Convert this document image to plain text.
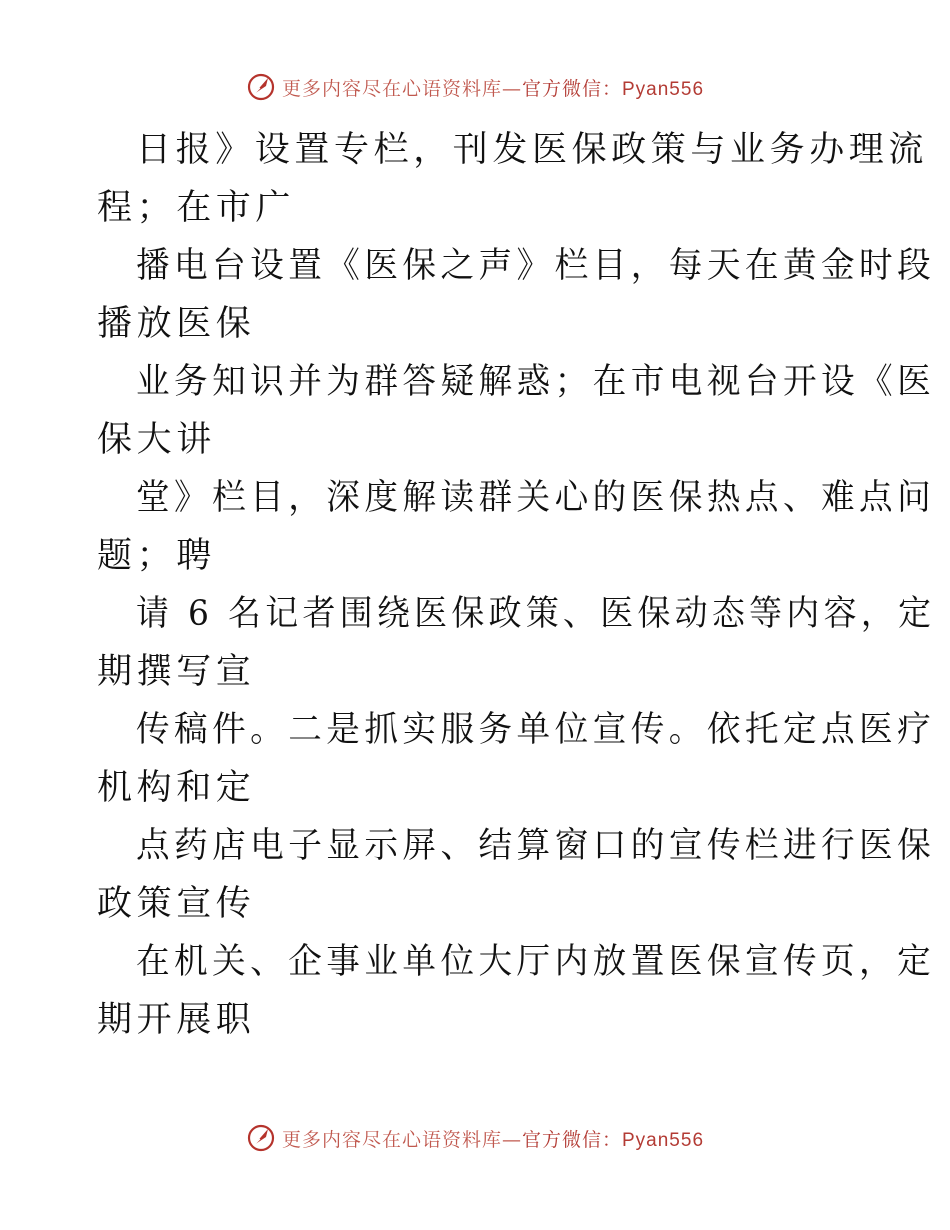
更多内容尽在心语资料库—官方微信：Pyan556
日报》设置专栏，刊发医保政策与业务办理流
程；在市广
播电台设置《医保之声》栏目，每天在黄金时段
播放医保
业务知识并为群答疑解惑；在市电视台开设《医
保大讲
堂》栏目，深度解读群关心的医保热点、难点问
题；聘
请 6 名记者围绕医保政策、医保动态等内容，定
期撰写宣
传稿件。二是抓实服务单位宣传。依托定点医疗
机构和定
点药店电子显示屏、结算窗口的宣传栏进行医保
政策宣传
在机关、企事业单位大厅内放置医保宣传页，定
期开展职
更多内容尽在心语资料库—官方微信：Pyan556
